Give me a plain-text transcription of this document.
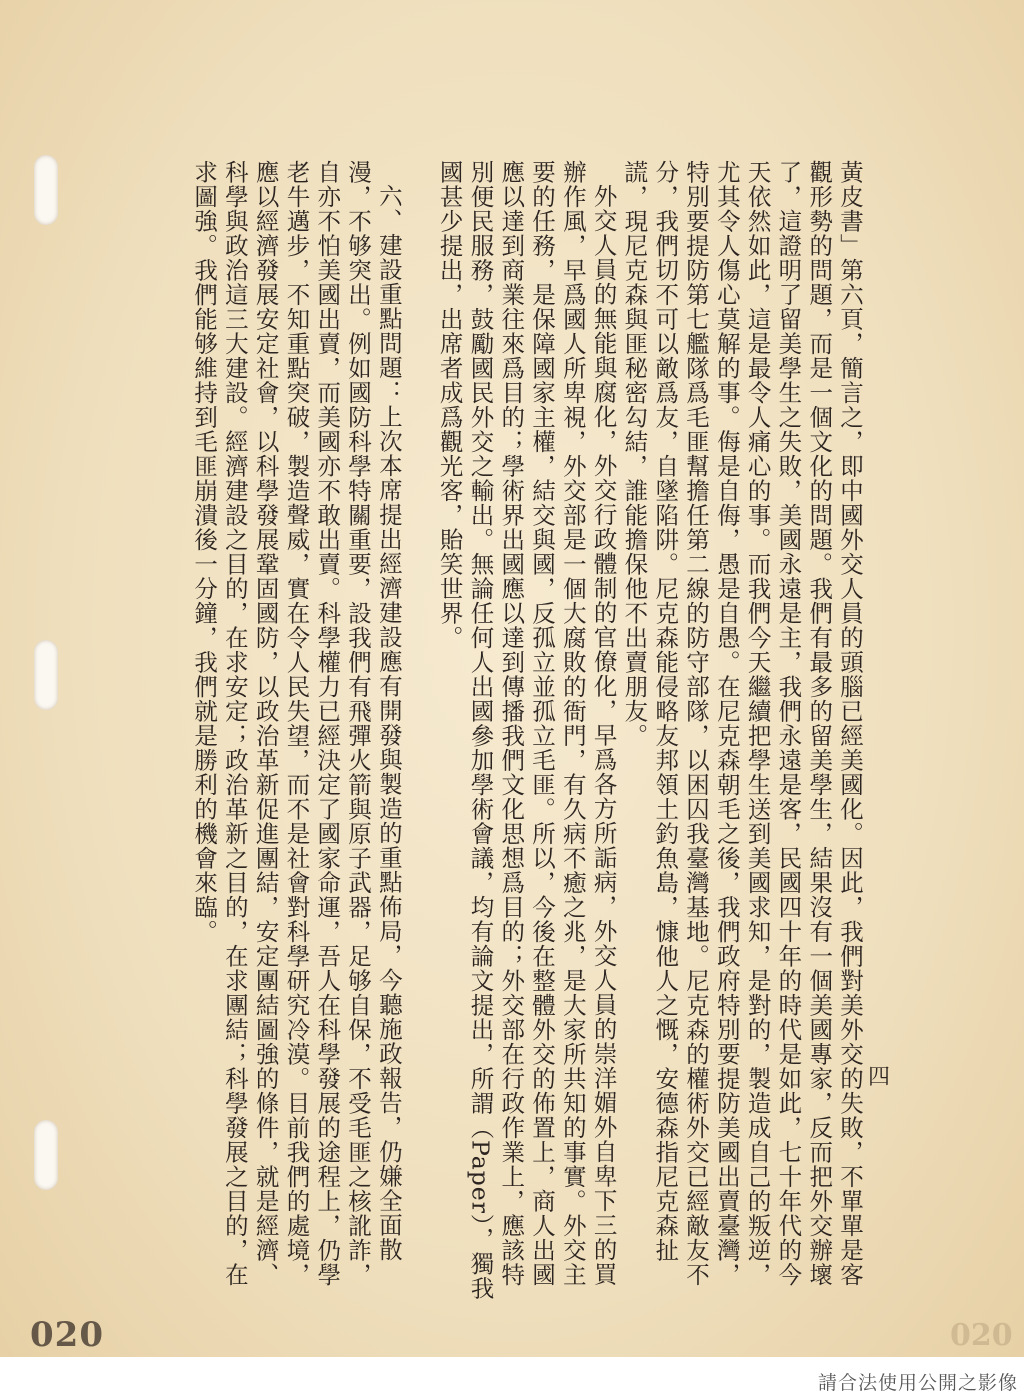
四

黃皮書」第六頁，簡言之，即中國外交人員的頭腦已經美國化。因此，我們對美外交的失敗，不單單是客觀形勢的問題，而是一個文化的問題。我們有最多的留美學生，結果沒有一個美國專家，反而把外交辦壞了，這證明了留美學生之失敗，美國永遠是主，我們永遠是客，民國四十年的時代是如此，七十年代的今天依然如此，這是最令人痛心的事。而我們今天繼續把學生送到美國求知，是對的，製造成自己的叛逆，尤其令人傷心莫解的事。侮是自侮，愚是自愚。在尼克森朝毛之後，我們政府特別要提防美國出賣臺灣，特別要提防第七艦隊爲毛匪幫擔任第二線的防守部隊，以困囚我臺灣基地。尼克森的權術外交已經敵友不分，我們切不可以敵爲友，自墜陷阱。尼克森能侵略友邦領土釣魚島，慷他人之慨，安德森指尼克森扯謊，現尼克森與匪秘密勾結，誰能擔保他不出賣朋友。

外交人員的無能與腐化，外交行政體制的官僚化，早爲各方所詬病，外交人員的崇洋媚外自卑下三的買辦作風，早爲國人所卑視，外交部是一個大腐敗的衙門，有久病不癒之兆，是大家所共知的事實。外交主要的任務，是保障國家主權，結交與國，反孤立並孤立毛匪。所以，今後在整體外交的佈置上，商人出國應以達到商業往來爲目的；學術界出國應以達到傳播我們文化思想爲目的；外交部在行政作業上，應該特別便民服務，鼓勵國民外交之輸出。無論任何人出國參加學術會議，均有論文提出，所謂（Paper），獨我國甚少提出，出席者成爲觀光客，貽笑世界。

六、建設重點問題：上次本席提出經濟建設應有開發與製造的重點佈局，今聽施政報告，仍嫌全面散漫，不够突出。例如國防科學特關重要，設我們有飛彈火箭與原子武器，足够自保，不受毛匪之核訛詐，自亦不怕美國出賣，而美國亦不敢出賣。科學權力已經決定了國家命運，吾人在科學發展的途程上，仍學老牛邁步，不知重點突破，製造聲威，實在令人民失望，而不是社會對科學研究冷漠。目前我們的處境，應以經濟發展安定社會，以科學發展鞏固國防，以政治革新促進團結，安定團結圖強的條件，就是經濟、科學與政治這三大建設。經濟建設之目的，在求安定；政治革新之目的，在求團結；科學發展之目的，在求圖強。我們能够維持到毛匪崩潰後一分鐘，我們就是勝利的機會來臨。

020	020
請合法使用公開之影像
